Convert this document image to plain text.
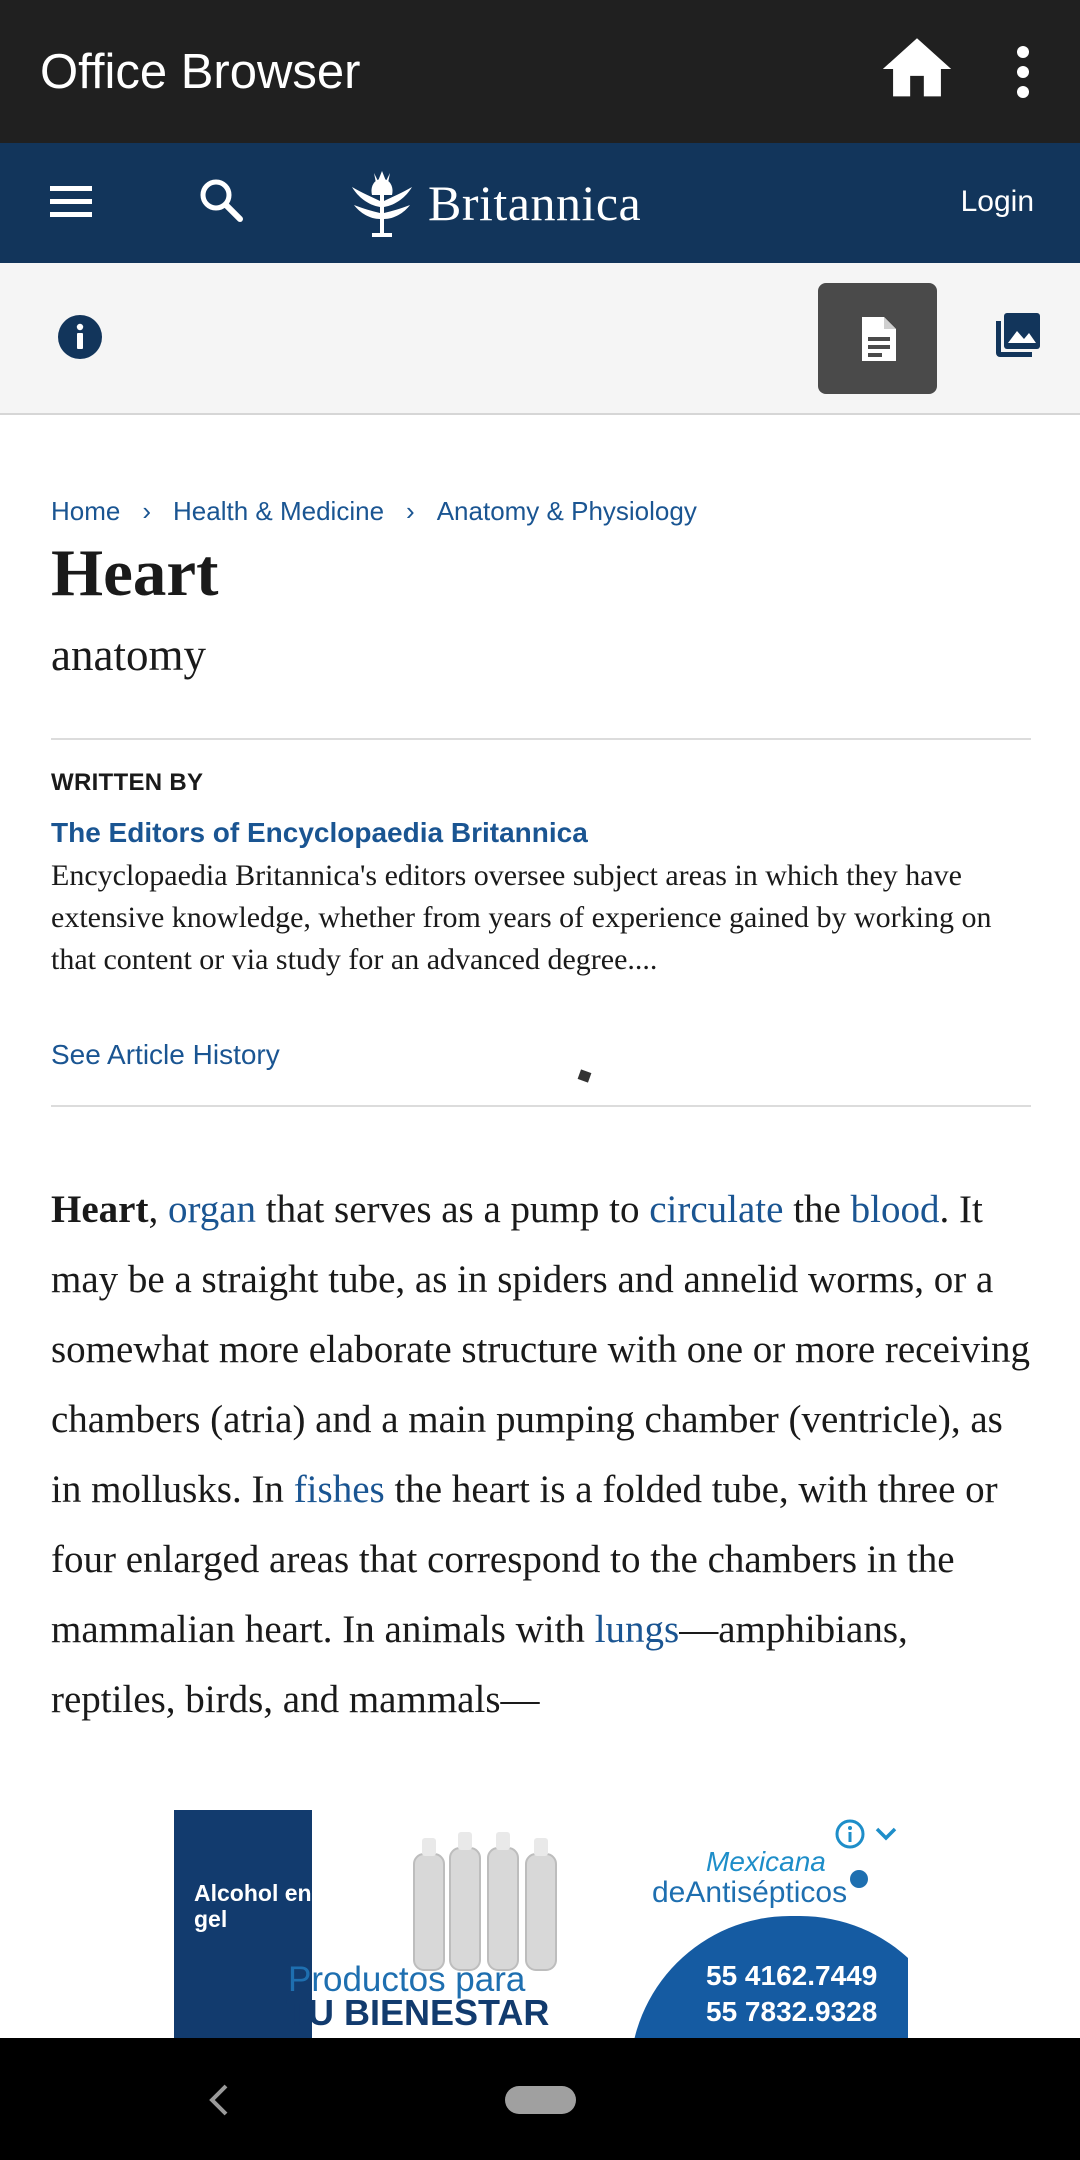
Office Browser
Britannica	Login
Home › Health & Medicine › Anatomy & Physiology
Heart
anatomy
WRITTEN BY
The Editors of Encyclopaedia Britannica
Encyclopaedia Britannica's editors oversee subject areas in which they have extensive knowledge, whether from years of experience gained by working on that content or via study for an advanced degree....
See Article History

Heart, organ that serves as a pump to circulate the blood. It may be a straight tube, as in spiders and annelid worms, or a somewhat more elaborate structure with one or more receiving chambers (atria) and a main pumping chamber (ventricle), as in mollusks. In fishes the heart is a folded tube, with three or four enlarged areas that correspond to the chambers in the mammalian heart. In animals with lungs—amphibians, reptiles, birds, and mammals—

Alcohol en gel
Productos para
TU BIENESTAR
Mexicana
deAntisépticos
55 4162.7449
55 7832.9328
